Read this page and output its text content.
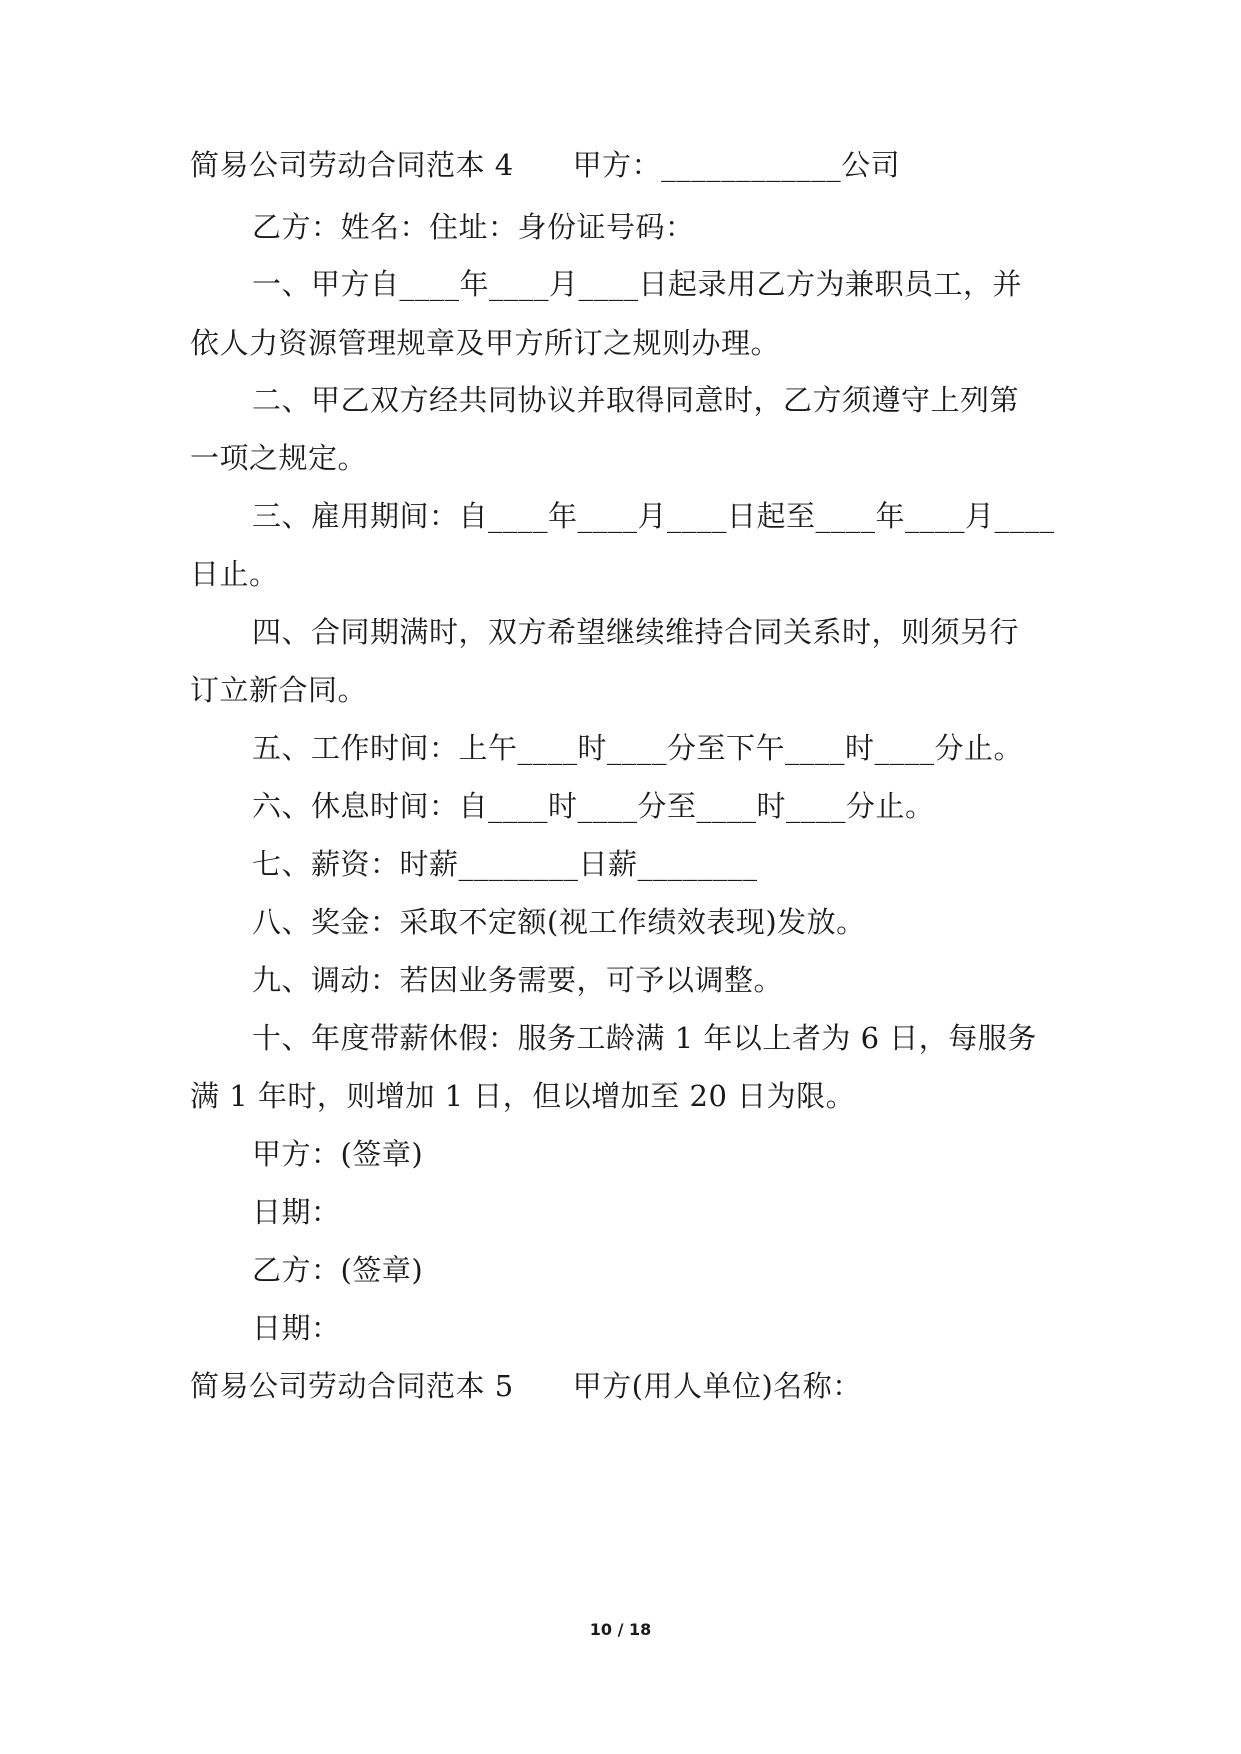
简易公司劳动合同范本 4　　甲方：____________公司
乙方：姓名：住址：身份证号码：
一、甲方自____年____月____日起录用乙方为兼职员工，并
依人力资源管理规章及甲方所订之规则办理。
二、甲乙双方经共同协议并取得同意时，乙方须遵守上列第
一项之规定。
三、雇用期间：自____年____月____日起至____年____月____
日止。
四、合同期满时，双方希望继续维持合同关系时，则须另行
订立新合同。
五、工作时间：上午____时____分至下午____时____分止。
六、休息时间：自____时____分至____时____分止。
七、薪资：时薪________日薪________
八、奖金：采取不定额(视工作绩效表现)发放。
九、调动：若因业务需要，可予以调整。
十、年度带薪休假：服务工龄满 1 年以上者为 6 日，每服务
满 1 年时，则增加 1 日，但以增加至 20 日为限。
甲方：(签章)
日期：
乙方：(签章)
日期：
简易公司劳动合同范本 5　　甲方(用人单位)名称：
10 / 18
